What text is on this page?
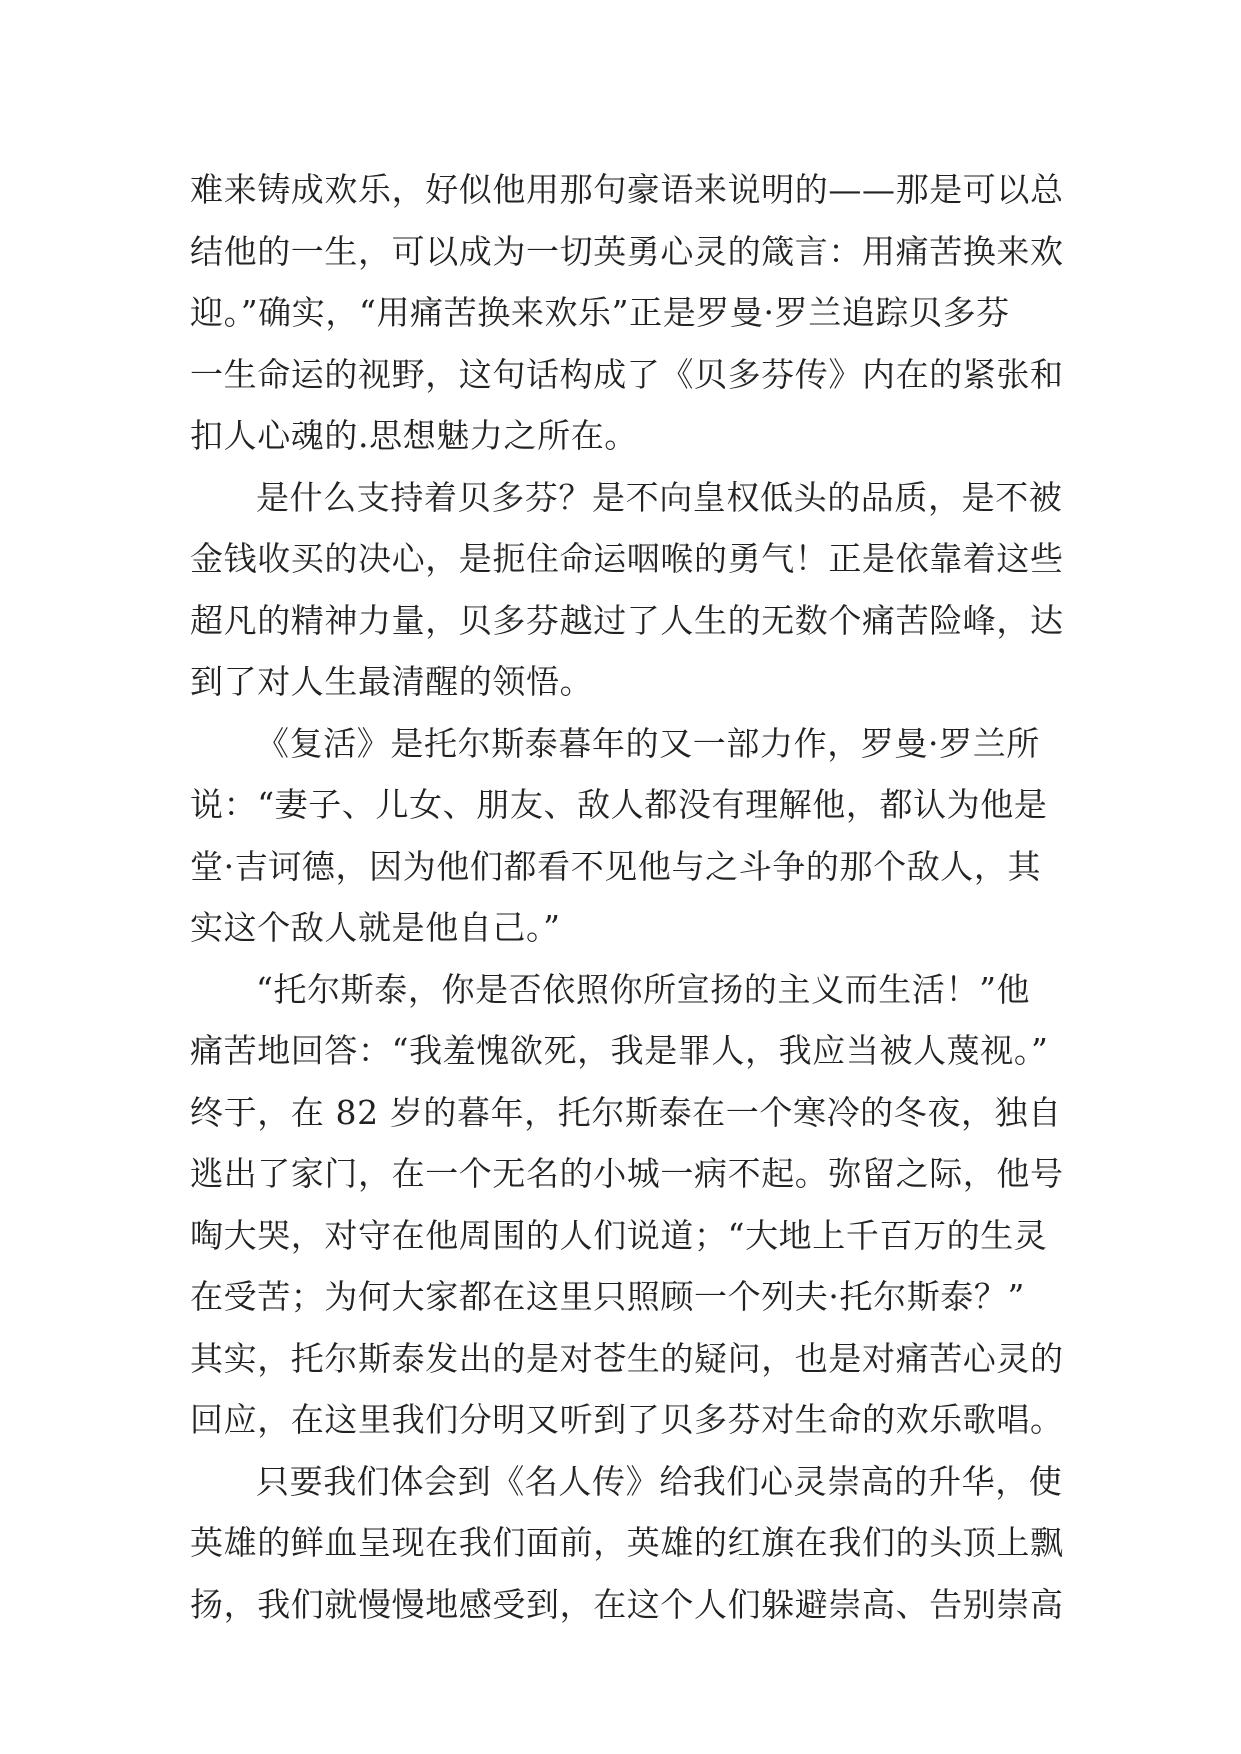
难来铸成欢乐，好似他用那句豪语来说明的——那是可以总
结他的一生，可以成为一切英勇心灵的箴言：用痛苦换来欢
迎。”确实，“用痛苦换来欢乐”正是罗曼·罗兰追踪贝多芬
一生命运的视野，这句话构成了《贝多芬传》内在的紧张和
扣人心魂的.思想魅力之所在。
是什么支持着贝多芬？是不向皇权低头的品质，是不被
金钱收买的决心，是扼住命运咽喉的勇气！正是依靠着这些
超凡的精神力量，贝多芬越过了人生的无数个痛苦险峰，达
到了对人生最清醒的领悟。
《复活》是托尔斯泰暮年的又一部力作，罗曼·罗兰所
说：“妻子、儿女、朋友、敌人都没有理解他，都认为他是
堂·吉诃德，因为他们都看不见他与之斗争的那个敌人，其
实这个敌人就是他自己。”
“托尔斯泰，你是否依照你所宣扬的主义而生活！”他
痛苦地回答：“我羞愧欲死，我是罪人，我应当被人蔑视。”
终于，在 82 岁的暮年，托尔斯泰在一个寒冷的冬夜，独自
逃出了家门，在一个无名的小城一病不起。弥留之际，他号
啕大哭，对守在他周围的人们说道；“大地上千百万的生灵
在受苦；为何大家都在这里只照顾一个列夫·托尔斯泰？”
其实，托尔斯泰发出的是对苍生的疑问，也是对痛苦心灵的
回应，在这里我们分明又听到了贝多芬对生命的欢乐歌唱。
只要我们体会到《名人传》给我们心灵崇高的升华，使
英雄的鲜血呈现在我们面前，英雄的红旗在我们的头顶上飘
扬，我们就慢慢地感受到，在这个人们躲避崇高、告别崇高
